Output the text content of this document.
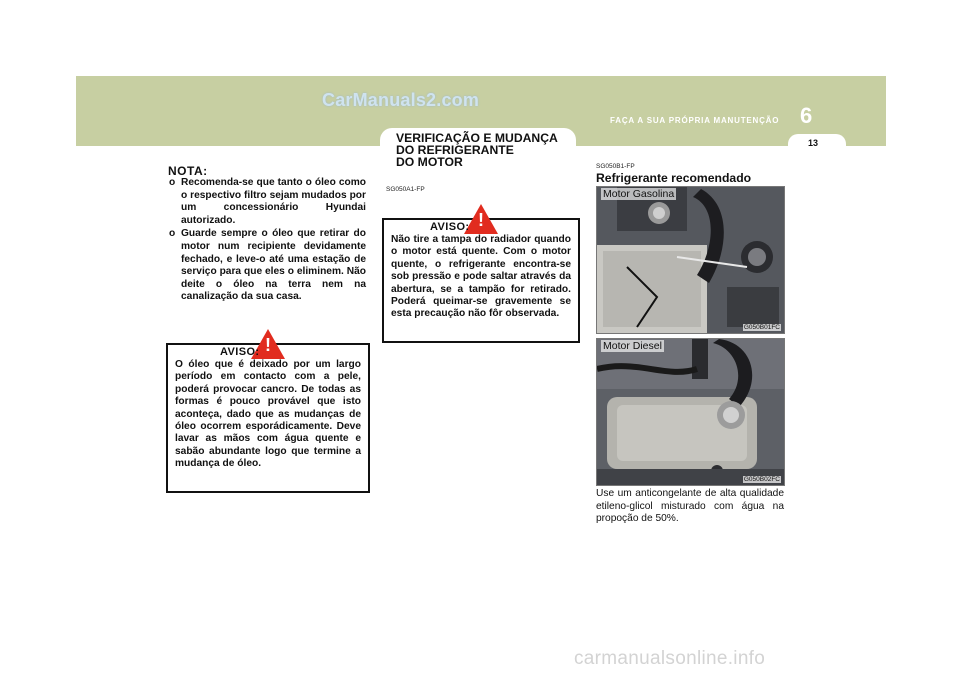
CarManuals2.com
FAÇA A SUA PRÓPRIA MANUTENÇÃO 6
13
VERIFICAÇÃO E MUDANÇA
DO REFRIGERANTE
DO MOTOR
NOTA:
o Recomenda-se que tanto o óleo como o respectivo filtro sejam mudados por um concessionário Hyundai autorizado.
o Guarde sempre o óleo que retirar do motor num recipiente devidamente fechado, e leve-o até uma estação de serviço para que eles o eliminem. Não deite o óleo na terra nem na canalização da sua casa.
!
AVISO:

O óleo que é deixado por um largo período em contacto com a pele, poderá provocar cancro. De todas as formas é pouco provável que isto aconteça, dado que as mudanças de óleo ocorrem esporádicamente. Deve lavar as mãos com água quente e sabão abundante logo que termine a mudança de óleo.

SG050A1-FP
!
AVISO:

Não tire a tampa do radiador quando o motor está quente. Com o motor quente, o refrigerante encontra-se sob pressão e pode saltar através da abertura, se a tampão for retirado. Poderá queimar-se gravemente se esta precaução não fôr observada.

SG050B1-FP
Refrigerante recomendado
Motor Gasolina
G050B01FC
Motor Diesel
G050B02FC

Use um anticongelante de alta qualidade etileno-glicol misturado com água na propoção de 50%.

carmanualsonline.info
